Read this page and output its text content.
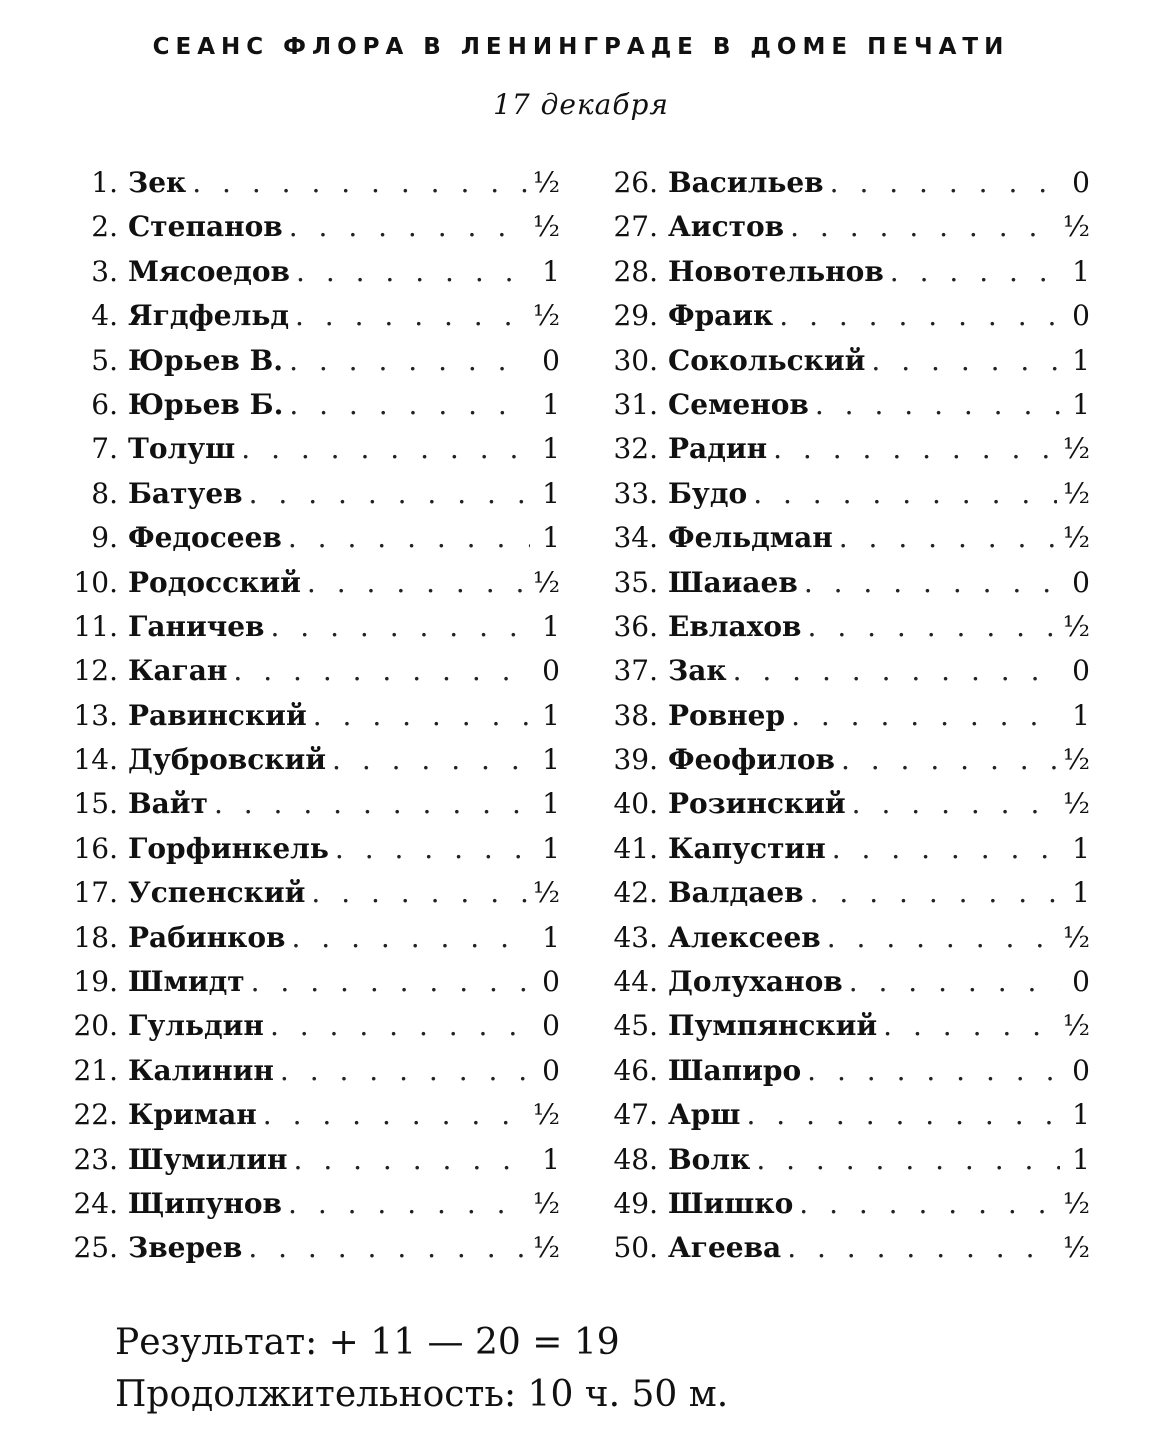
СЕАНС ФЛОРА В ЛЕНИНГРАДЕ В ДОМЕ ПЕЧАТИ
17 декабря
1. Зек . . .	½
2. Степанов . . .	½
3. Мясоедов . . .	1
4. Ягдфельд . . .	½
5. Юрьев В. . . .	0
6. Юрьев Б. . . .	1
7. Толуш . . .	1
8. Батуев . . .	1
9. Федосеев . . .	1
10. Родосский . . .	½
11. Ганичев . . .	1
12. Каган . . .	0
13. Равинский . . .	1
14. Дубровский . . .	1
15. Вайт . . .	1
16. Горфинкель . . .	1
17. Успенский . . .	½
18. Рабинков . . .	1
19. Шмидт . . .	0
20. Гульдин . . .	0
21. Калинин . . .	0
22. Криман . . .	½
23. Шумилин . . .	1
24. Щипунов . . .	½
25. Зверев . . .	½
26. Васильев . . .	0
27. Аистов . . .	½
28. Новотельнов . . .	1
29. Фраик . . .	0
30. Сокольский . . .	1
31. Семенов . . .	1
32. Радин . . .	½
33. Будо . . .	½
34. Фельдман . . .	½
35. Шаиаев . . .	0
36. Евлахов . . .	½
37. Зак . . .	0
38. Ровнер . . .	1
39. Феофилов . . .	½
40. Розинский . . .	½
41. Капустин . . .	1
42. Валдаев . . .	1
43. Алексеев . . .	½
44. Долуханов . . .	0
45. Пумпянский . . .	½
46. Шапиро . . .	0
47. Арш . . .	1
48. Волк . . .	1
49. Шишко . . .	½
50. Агеева . . .	½
Результат: + 11 — 20 = 19
Продолжительность: 10 ч. 50 м.
